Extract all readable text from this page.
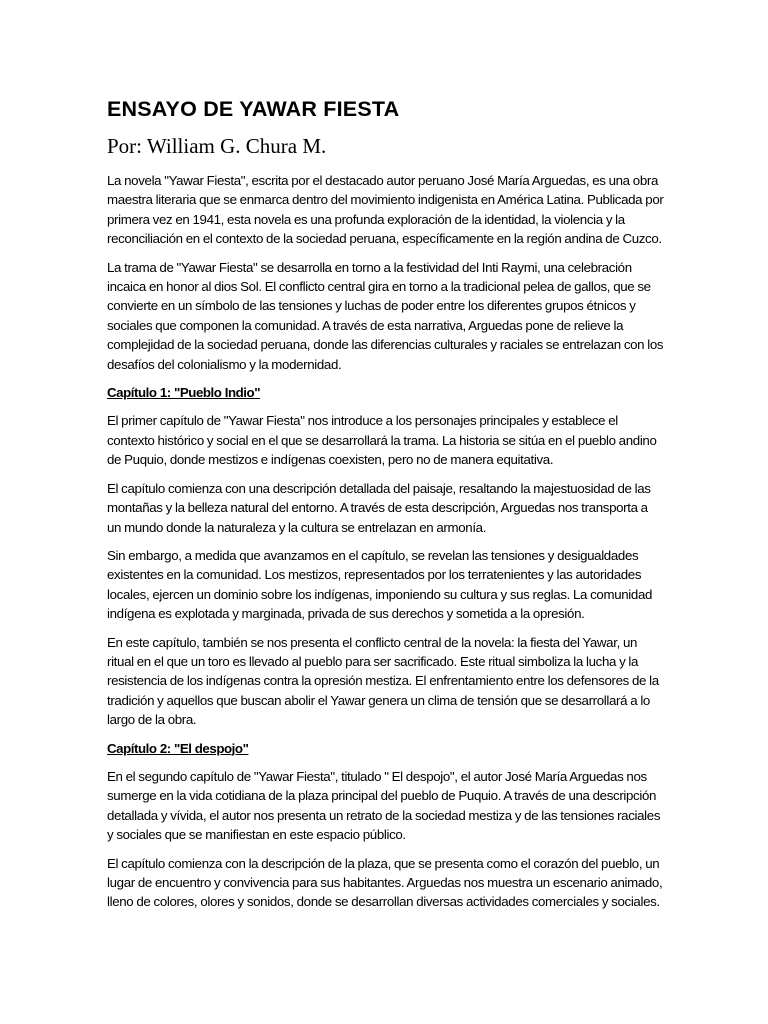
ENSAYO DE YAWAR FIESTA
Por: William G. Chura M.
La novela "Yawar Fiesta", escrita por el destacado autor peruano José María Arguedas, es una obra
maestra literaria que se enmarca dentro del movimiento indigenista en América Latina. Publicada por
primera vez en 1941, esta novela es una profunda exploración de la identidad, la violencia y la
reconciliación en el contexto de la sociedad peruana, específicamente en la región andina de Cuzco.
La trama de "Yawar Fiesta" se desarrolla en torno a la festividad del Inti Raymi, una celebración
incaica en honor al dios Sol. El conflicto central gira en torno a la tradicional pelea de gallos, que se
convierte en un símbolo de las tensiones y luchas de poder entre los diferentes grupos étnicos y
sociales que componen la comunidad. A través de esta narrativa, Arguedas pone de relieve la
complejidad de la sociedad peruana, donde las diferencias culturales y raciales se entrelazan con los
desafíos del colonialismo y la modernidad.
Capítulo 1: "Pueblo Indio"
El primer capítulo de "Yawar Fiesta" nos introduce a los personajes principales y establece el
contexto histórico y social en el que se desarrollará la trama. La historia se sitúa en el pueblo andino
de Puquio, donde mestizos e indígenas coexisten, pero no de manera equitativa.
El capítulo comienza con una descripción detallada del paisaje, resaltando la majestuosidad de las
montañas y la belleza natural del entorno. A través de esta descripción, Arguedas nos transporta a
un mundo donde la naturaleza y la cultura se entrelazan en armonía.
Sin embargo, a medida que avanzamos en el capítulo, se revelan las tensiones y desigualdades
existentes en la comunidad. Los mestizos, representados por los terratenientes y las autoridades
locales, ejercen un dominio sobre los indígenas, imponiendo su cultura y sus reglas. La comunidad
indígena es explotada y marginada, privada de sus derechos y sometida a la opresión.
En este capítulo, también se nos presenta el conflicto central de la novela: la fiesta del Yawar, un
ritual en el que un toro es llevado al pueblo para ser sacrificado. Este ritual simboliza la lucha y la
resistencia de los indígenas contra la opresión mestiza. El enfrentamiento entre los defensores de la
tradición y aquellos que buscan abolir el Yawar genera un clima de tensión que se desarrollará a lo
largo de la obra.
Capítulo 2: "El despojo"
En el segundo capítulo de "Yawar Fiesta", titulado " El despojo", el autor José María Arguedas nos
sumerge en la vida cotidiana de la plaza principal del pueblo de Puquio. A través de una descripción
detallada y vívida, el autor nos presenta un retrato de la sociedad mestiza y de las tensiones raciales
y sociales que se manifiestan en este espacio público.
El capítulo comienza con la descripción de la plaza, que se presenta como el corazón del pueblo, un
lugar de encuentro y convivencia para sus habitantes. Arguedas nos muestra un escenario animado,
lleno de colores, olores y sonidos, donde se desarrollan diversas actividades comerciales y sociales.
